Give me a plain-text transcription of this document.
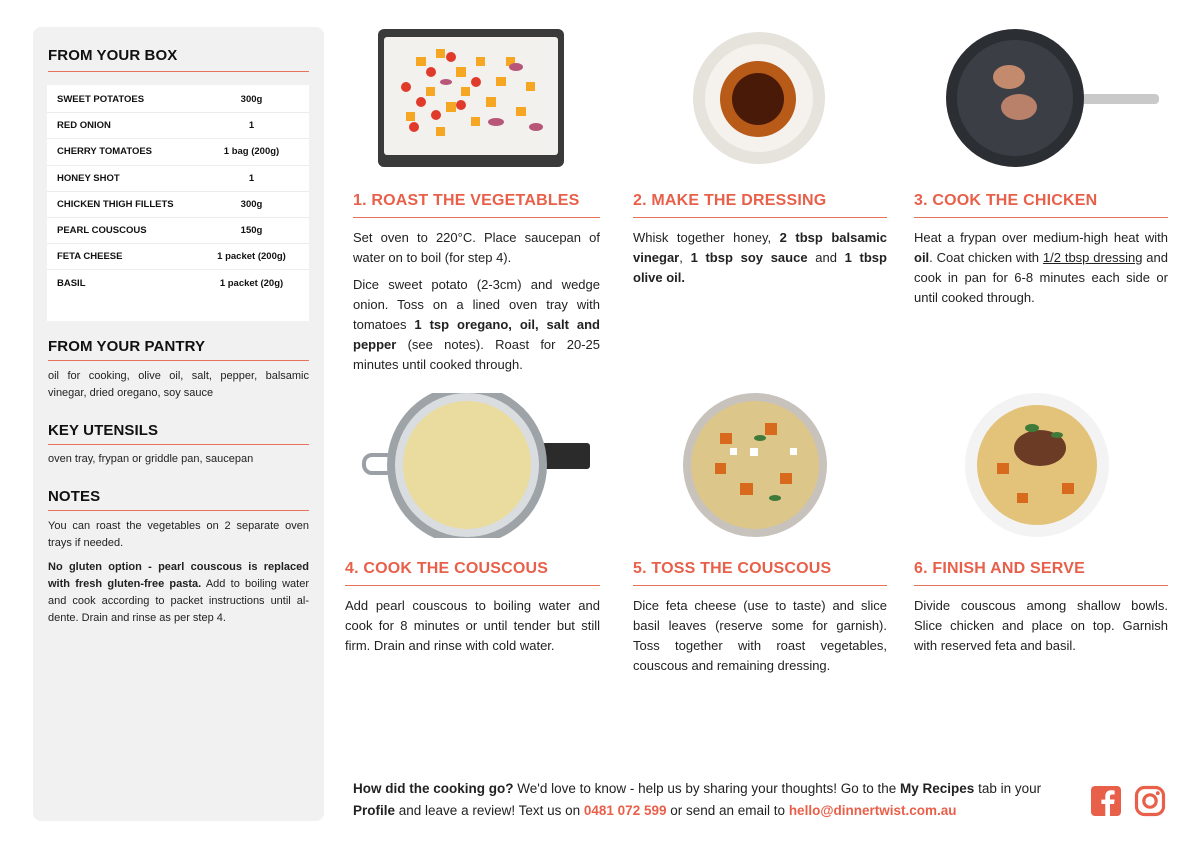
FROM YOUR BOX
SWEET POTATOES	300g
RED ONION	1
CHERRY TOMATOES	1 bag (200g)
HONEY SHOT	1
CHICKEN THIGH FILLETS	300g
PEARL COUSCOUS	150g
FETA CHEESE	1 packet (200g)
BASIL	1 packet (20g)
FROM YOUR PANTRY
oil for cooking, olive oil, salt, pepper, balsamic vinegar, dried oregano, soy sauce
KEY UTENSILS
oven tray, frypan or griddle pan, saucepan
NOTES
You can roast the vegetables on 2 separate oven trays if needed.
No gluten option - pearl couscous is replaced with fresh gluten-free pasta. Add to boiling water and cook according to packet instructions until al-dente. Drain and rinse as per step 4.
1. ROAST THE VEGETABLES

Set oven to 220°C. Place saucepan of water on to boil (for step 4).

Dice sweet potato (2-3cm) and wedge onion. Toss on a lined oven tray with tomatoes 1 tsp oregano, oil, salt and pepper (see notes). Roast for 20-25 minutes until cooked through.

2. MAKE THE DRESSING

Whisk together honey, 2 tbsp balsamic vinegar, 1 tbsp soy sauce and 1 tbsp olive oil.

3. COOK THE CHICKEN

Heat a frypan over medium-high heat with oil. Coat chicken with 1/2 tbsp dressing and cook in pan for 6-8 minutes each side or until cooked through.

4. COOK THE COUSCOUS
Add pearl couscous to boiling water and cook for 8 minutes or until tender but still firm. Drain and rinse with cold water.
5. TOSS THE COUSCOUS
Dice feta cheese (use to taste) and slice basil leaves (reserve some for garnish). Toss together with roast vegetables, couscous and remaining dressing.
6. FINISH AND SERVE
Divide couscous among shallow bowls. Slice chicken and place on top. Garnish with reserved feta and basil.
How did the cooking go? We'd love to know - help us by sharing your thoughts! Go to the My Recipes tab in your Profile and leave a review! Text us on 0481 072 599 or send an email to hello@dinnertwist.com.au
